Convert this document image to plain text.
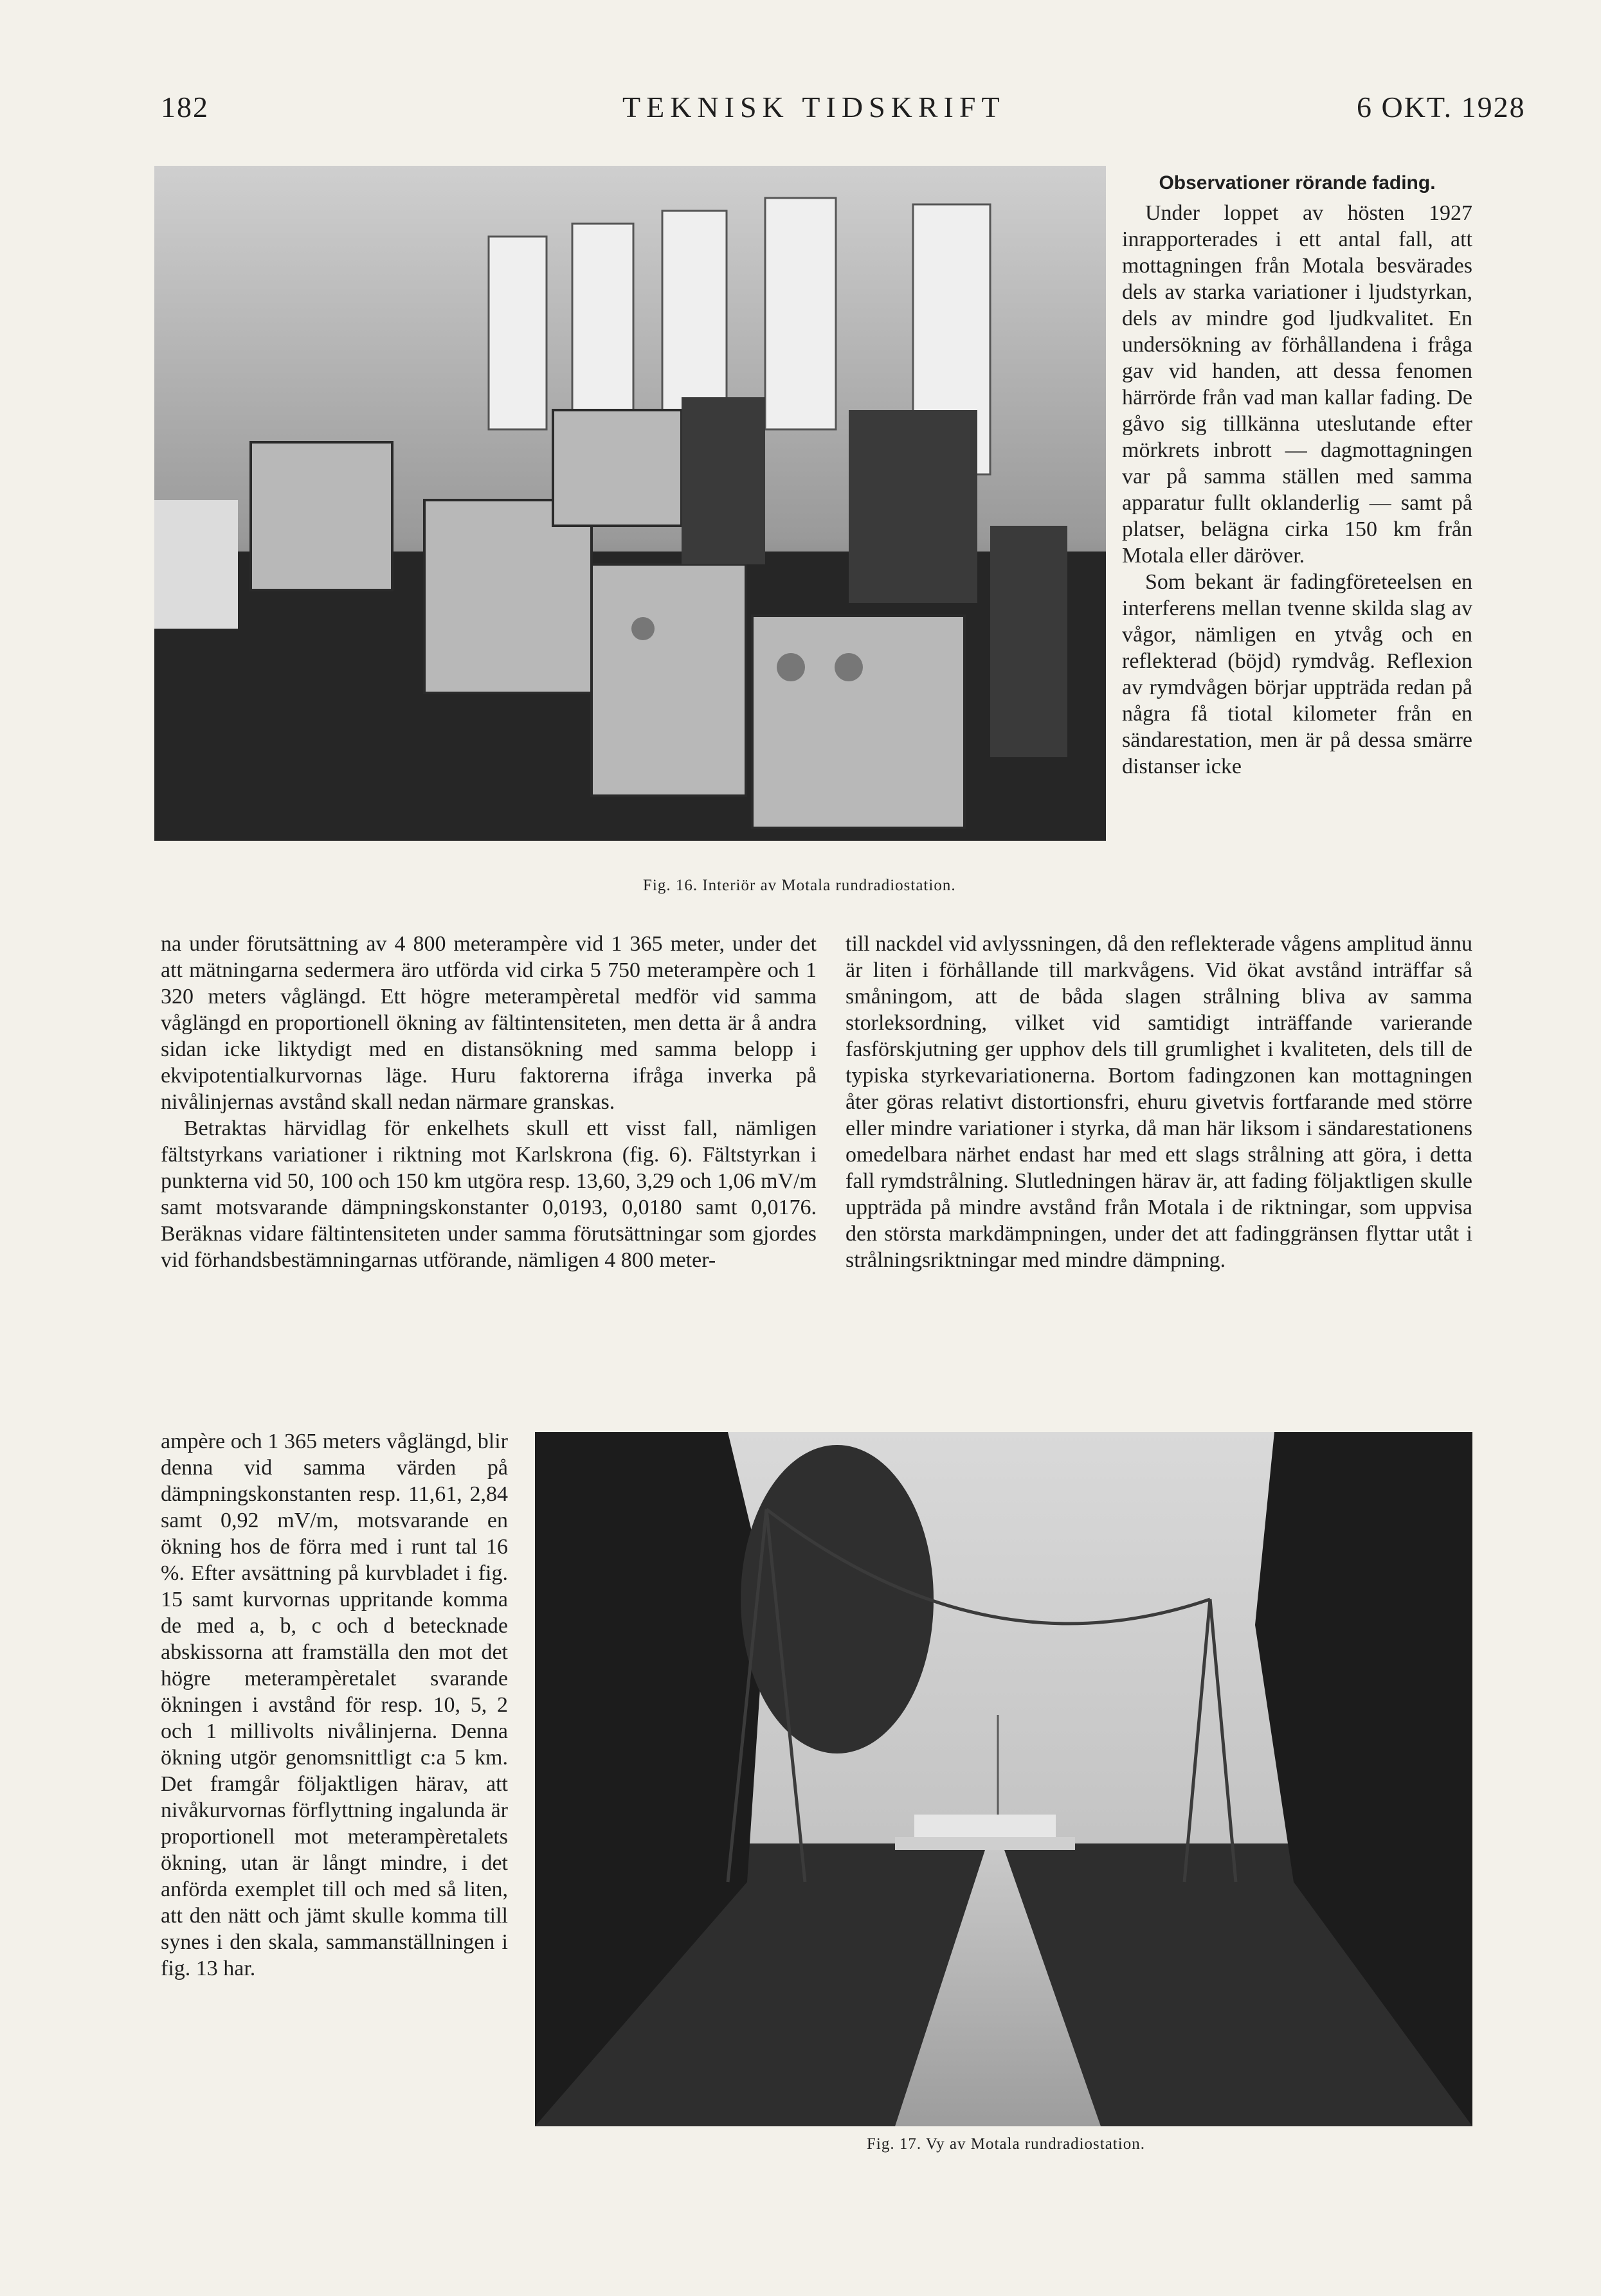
182	TEKNISK TIDSKRIFT	6 OKT. 1928
Fig. 16. Interiör av Motala rundradiostation.
Observationer rörande fading.

Under loppet av hösten 1927 inrapporterades i ett antal fall, att mottagningen från Motala besvärades dels av starka variationer i ljudstyrkan, dels av mindre god ljudkvalitet. En undersökning av förhållandena i fråga gav vid handen, att dessa fenomen härrörde från vad man kallar fading. De gåvo sig tillkänna uteslutande efter mörkrets inbrott — dagmottagningen var på samma ställen med samma apparatur fullt oklanderlig — samt på platser, belägna cirka 150 km från Motala eller däröver.

Som bekant är fadingföreteelsen en interferens mellan tvenne skilda slag av vågor, nämligen en ytvåg och en reflekterad (böjd) rymdvåg. Reflexion av rymdvågen börjar uppträda redan på några få tiotal kilometer från en sändarestation, men är på dessa smärre distanser icke

na under förutsättning av 4 800 meterampère vid 1 365 meter, under det att mätningarna sedermera äro utförda vid cirka 5 750 meterampère och 1 320 meters våglängd. Ett högre meterampèretal medför vid samma våglängd en proportionell ökning av fältintensiteten, men detta är å andra sidan icke liktydigt med en distansökning med samma belopp i ekvipotentialkurvornas läge. Huru faktorerna ifråga inverka på nivålinjernas avstånd skall nedan närmare granskas.

Betraktas härvidlag för enkelhets skull ett visst fall, nämligen fältstyrkans variationer i riktning mot Karlskrona (fig. 6). Fältstyrkan i punkterna vid 50, 100 och 150 km utgöra resp. 13,60, 3,29 och 1,06 mV/m samt motsvarande dämpningskonstanter 0,0193, 0,0180 samt 0,0176. Beräknas vidare fältintensiteten under samma förutsättningar som gjordes vid förhandsbestämningarnas utförande, nämligen 4 800 meter-

ampère och 1 365 meters våglängd, blir denna vid samma värden på dämpningskonstanten resp. 11,61, 2,84 samt 0,92 mV/m, motsvarande en ökning hos de förra med i runt tal 16 %. Efter avsättning på kurvbladet i fig. 15 samt kurvornas uppritande komma de med a, b, c och d betecknade abskissorna att framställa den mot det högre meterampèretalet svarande ökningen i avstånd för resp. 10, 5, 2 och 1 millivolts nivålinjerna. Denna ökning utgör genomsnittligt c:a 5 km. Det framgår följaktligen härav, att nivåkurvornas förflyttning ingalunda är proportionell mot meterampèretalets ökning, utan är långt mindre, i det anförda exemplet till och med så liten, att den nätt och jämt skulle komma till synes i den skala, sammanställningen i fig. 13 har.

till nackdel vid avlyssningen, då den reflekterade vågens amplitud ännu är liten i förhållande till markvågens. Vid ökat avstånd inträffar så småningom, att de båda slagen strålning bliva av samma storleksordning, vilket vid samtidigt inträffande varierande fasförskjutning ger upphov dels till grumlighet i kvaliteten, dels till de typiska styrkevariationerna. Bortom fadingzonen kan mottagningen åter göras relativt distortionsfri, ehuru givetvis fortfarande med större eller mindre variationer i styrka, då man här liksom i sändarestationens omedelbara närhet endast har med ett slags strålning att göra, i detta fall rymdstrålning. Slutledningen härav är, att fading följaktligen skulle uppträda på mindre avstånd från Motala i de riktningar, som uppvisa den största markdämpningen, under det att fadinggränsen flyttar utåt i strålningsriktningar med mindre dämpning.

Fig. 17. Vy av Motala rundradiostation.
